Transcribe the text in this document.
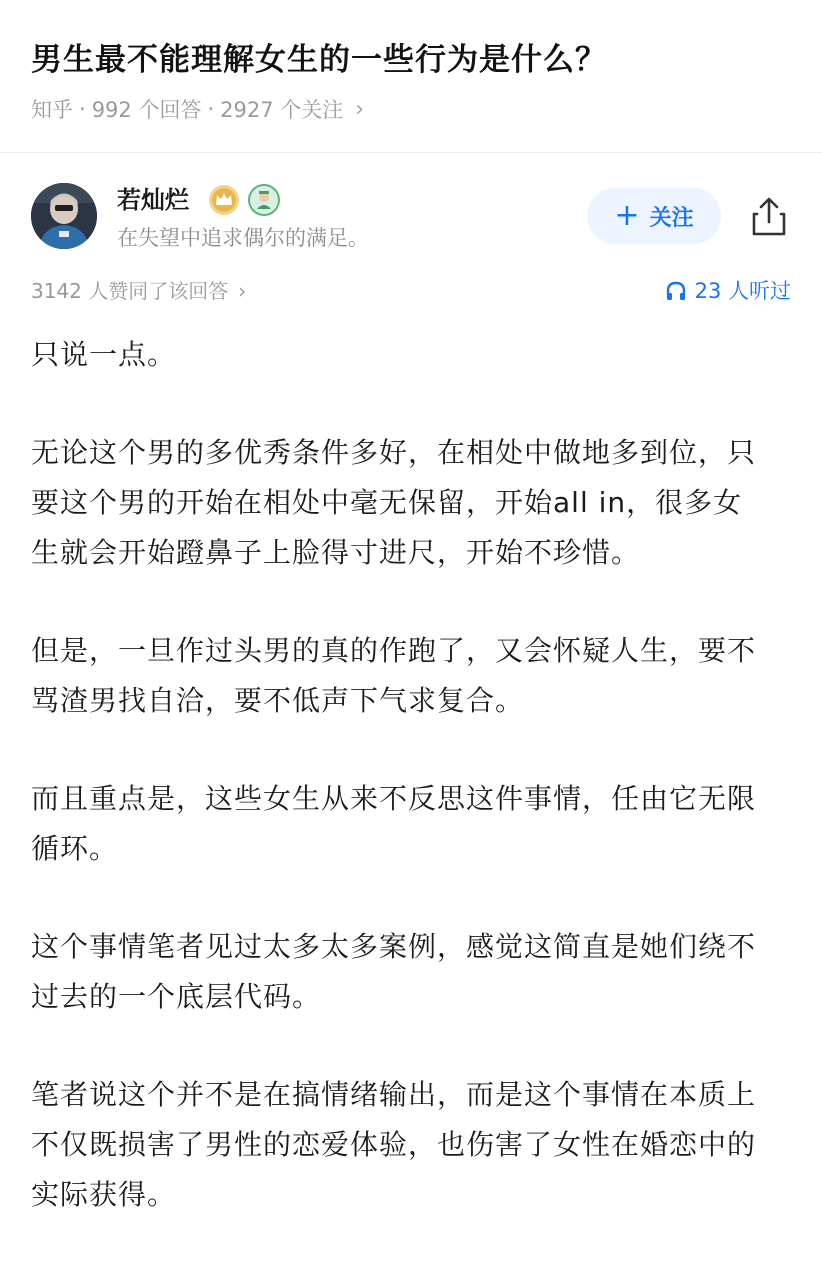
男生最不能理解女生的一些行为是什么？
知乎 · 992 个回答 · 2927 个关注 ›
若灿烂
在失望中追求偶尔的满足。
+ 关注
3142 人赞同了该回答 ›	23 人听过

只说一点。

无论这个男的多优秀条件多好，在相处中做地多到位，只要这个男的开始在相处中毫无保留，开始all in，很多女生就会开始蹬鼻子上脸得寸进尺，开始不珍惜。

但是，一旦作过头男的真的作跑了，又会怀疑人生，要不骂渣男找自洽，要不低声下气求复合。

而且重点是，这些女生从来不反思这件事情，任由它无限循环。

这个事情笔者见过太多太多案例，感觉这简直是她们绕不过去的一个底层代码。

笔者说这个并不是在搞情绪输出，而是这个事情在本质上不仅既损害了男性的恋爱体验，也伤害了女性在婚恋中的实际获得。
